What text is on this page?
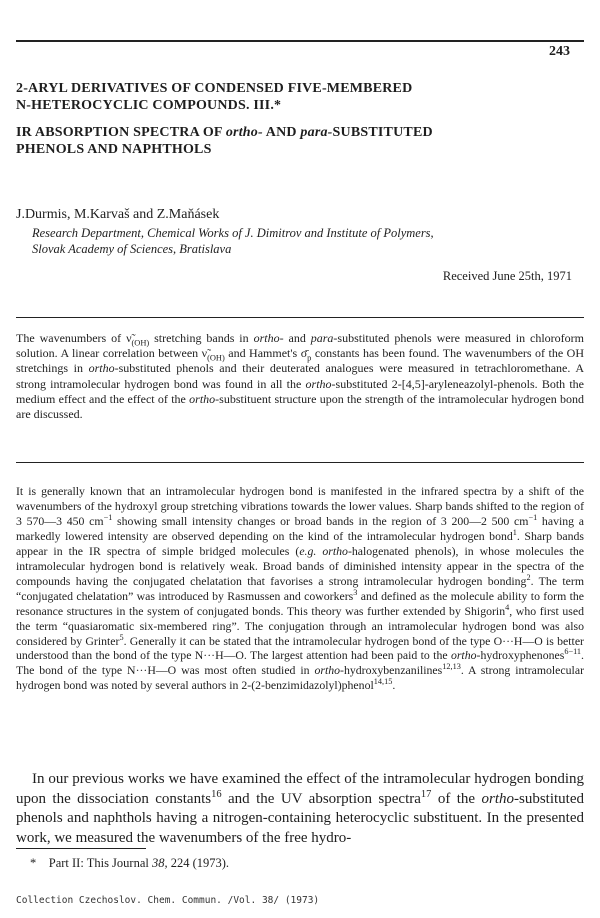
243
2-ARYL DERIVATIVES OF CONDENSED FIVE-MEMBERED
N-HETEROCYCLIC COMPOUNDS. III.*
IR ABSORPTION SPECTRA OF ortho- AND para-SUBSTITUTED
PHENOLS AND NAPHTHOLS
J.Durmis, M.Karvaš and Z.Maňásek
Research Department, Chemical Works of J. Dimitrov and Institute of Polymers,
Slovak Academy of Sciences, Bratislava
Received June 25th, 1971
The wavenumbers of $\nũ_{(OH)}$ stretching bands in ortho- and para-substituted phenols were measured in chloroform solution. A linear correlation between $\nũ_{(OH)}$ and Hammet's $\sigmā_p$ constants has been found. The wavenumbers of the OH stretchings in ortho-substituted phenols and their deuterated analogues were measured in tetrachloromethane. A strong intramolecular hydrogen bond was found in all the ortho-substituted 2-[4,5]-aryleneazolyl-phenols. Both the medium effect and the effect of the ortho-substituent structure upon the strength of the intramolecular hydrogen bond are discussed.
It is generally known that an intramolecular hydrogen bond is manifested in the infrared spectra by a shift of the wavenumbers of the hydroxyl group stretching vibrations towards the lower values. Sharp bands shifted to the region of 3 570—3 450 $cm^{-1}$ showing small intensity changes or broad bands in the region of 3 200—2 500 $cm^{-1}$ having a markedly lowered intensity are observed depending on the kind of the intramolecular hydrogen bond$^1$. Sharp bands appear in the IR spectra of simple bridged molecules (e.g. ortho-halogenated phenols), in whose molecules the intramolecular hydrogen bond is relatively weak. Broad bands of diminished intensity appear in the spectra of the compounds having the conjugated chelatation that favorises a strong intramolecular hydrogen bonding$^2$. The term “conjugated chelatation” was introduced by Rasmussen and coworkers$^3$ and defined as the molecule ability to form the resonance structures in the system of conjugated bonds. This theory was further extended by Shigorin$^4$, who first used the term “quasiaromatic six-membered ring”. The conjugation through an intramolecular hydrogen bond was also considered by Grinter$^5$. Generally it can be stated that the intramolecular hydrogen bond of the type O···H—O is better understood than the bond of the type N···H—O. The largest attention had been paid to the ortho-hydroxyphenones$^{6-11}$. The bond of the type N···H—O was most often studied in ortho-hydroxybenzanilines$^{12,13}$. A strong intramolecular hydrogen bond was noted by several authors in 2-(2-benzimidazolyl)phenol$^{14,15}$.
In our previous works we have examined the effect of the intramolecular hydrogen bonding upon the dissociation constants$^{16}$ and the UV absorption spectra$^{17}$ of the ortho-substituted phenols and naphthols having a nitrogen-containing heterocyclic substituent. In the presented work, we measured the wavenumbers of the free hydro-
* Part II: This Journal 38, 224 (1973).
Collection Czechoslov. Chem. Commun. /Vol. 38/ (1973)
